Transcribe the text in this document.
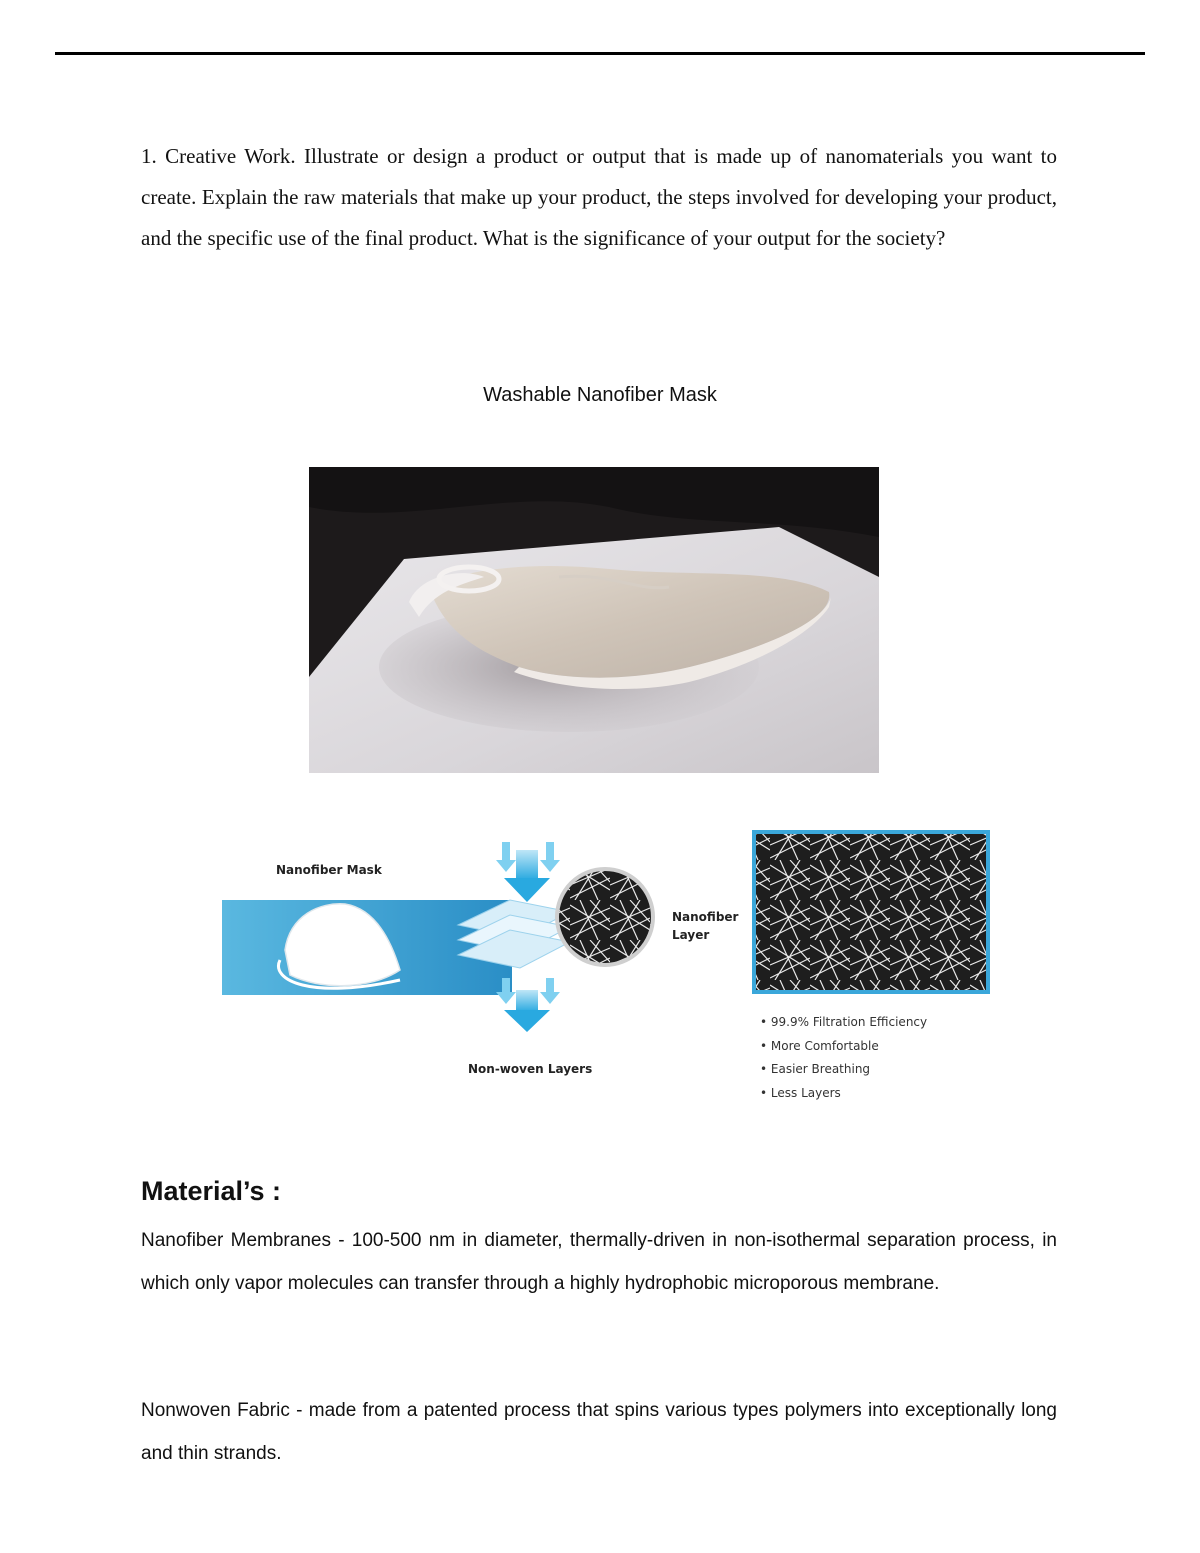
1. Creative Work. Illustrate or design a product or output that is made up of nanomaterials you want to create. Explain the raw materials that make up your product, the steps involved for developing your product, and the specific use of the final product. What is the significance of your output for the society?

Washable Nanofiber Mask

Nanofiber Mask
Nanofiber
Layer
Non-woven Layers
• 99.9% Filtration Efficiency
• More Comfortable
• Easier Breathing
• Less Layers
Material’s :

Nanofiber Membranes - 100-500 nm in diameter, thermally-driven in non-isothermal separation process, in which only vapor molecules can transfer through a highly hydrophobic microporous membrane.

Nonwoven Fabric - made from a patented process that spins various types polymers into exceptionally long and thin strands.
